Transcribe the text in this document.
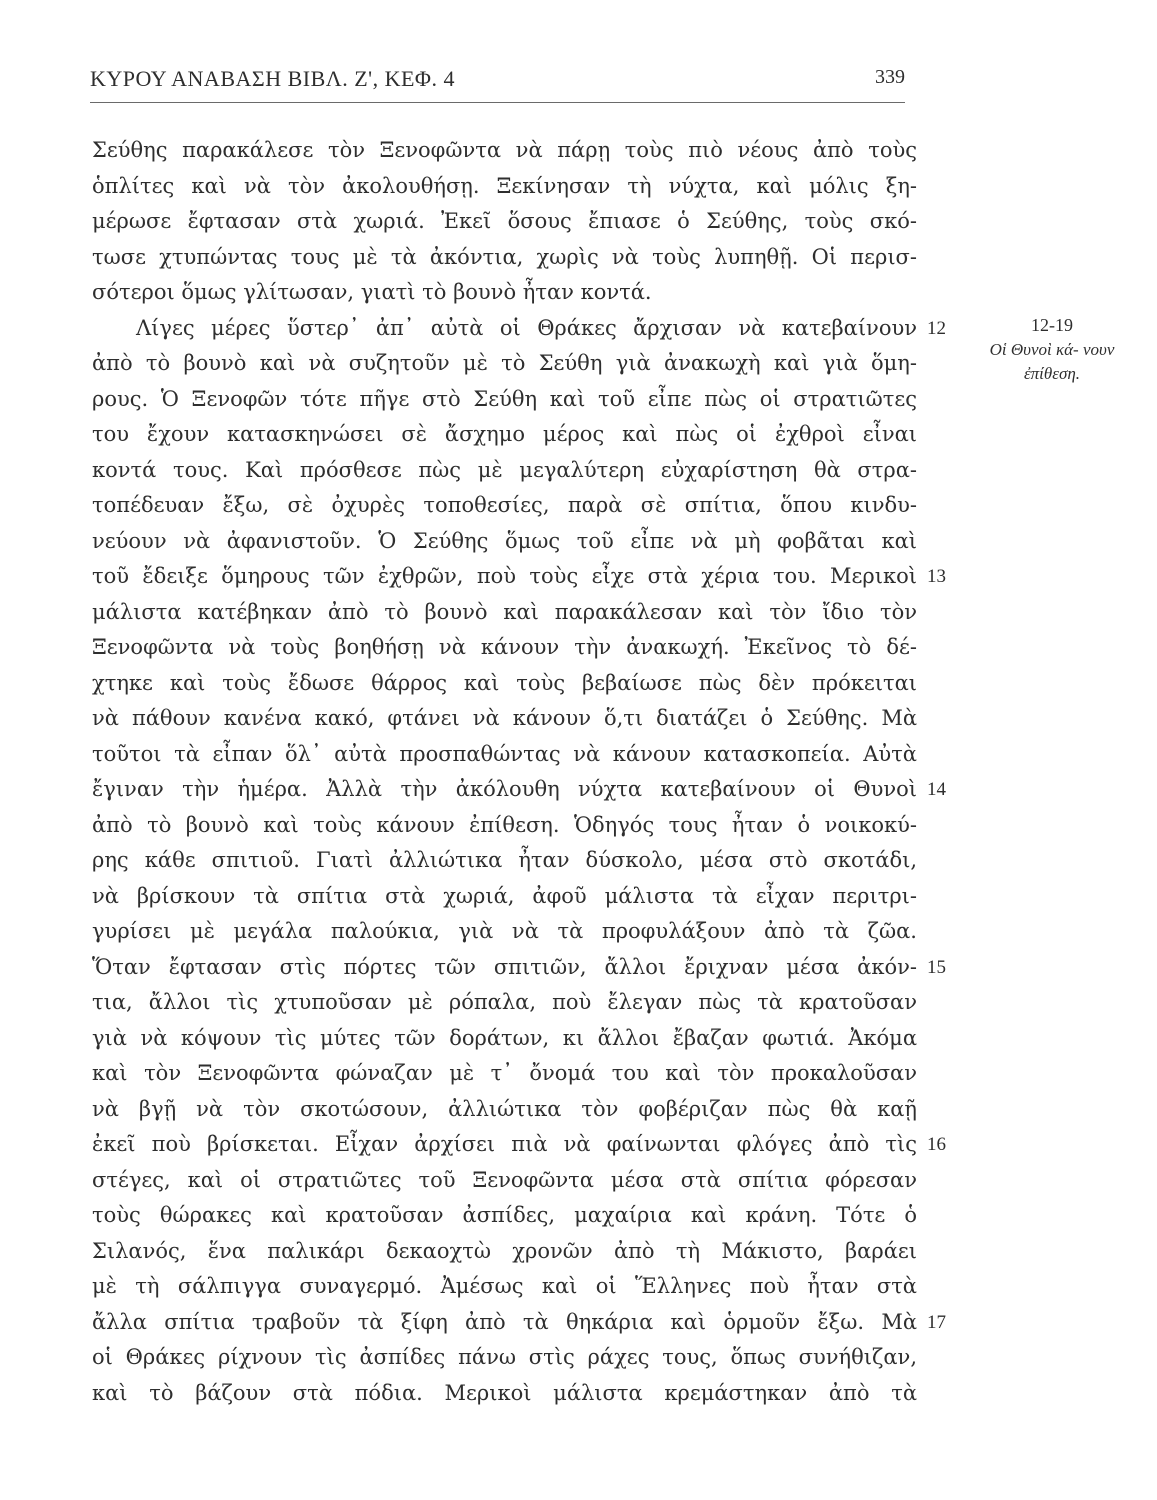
ΚΥΡΟΥ ΑΝΑΒΑΣΗ ΒΙΒΛ. Ζ', ΚΕΦ. 4	339
Σεύθης παρακάλεσε τὸν Ξενοφῶντα νὰ πάρῃ τοὺς πιὸ νέους ἀπὸ τοὺς
ὁπλίτες καὶ νὰ τὸν ἀκολουθήσῃ. Ξεκίνησαν τὴ νύχτα, καὶ μόλις ξη-
μέρωσε ἔφτασαν στὰ χωριά. Ἐκεῖ ὅσους ἔπιασε ὁ Σεύθης, τοὺς σκό-
τωσε χτυπώντας τους μὲ τὰ ἀκόντια, χωρὶς νὰ τοὺς λυπηθῇ. Οἱ περισ-
σότεροι ὅμως γλίτωσαν, γιατὶ τὸ βουνὸ ἦταν κοντά.
Λίγες μέρες ὕστερ᾽ ἀπ᾽ αὐτὰ οἱ Θράκες ἄρχισαν νὰ κατεβαίνουν 12
ἀπὸ τὸ βουνὸ καὶ νὰ συζητοῦν μὲ τὸ Σεύθη γιὰ ἀνακωχὴ καὶ γιὰ ὅμη-
ρους. Ὁ Ξενοφῶν τότε πῆγε στὸ Σεύθη καὶ τοῦ εἶπε πὼς οἱ στρατιῶτες
του ἔχουν κατασκηνώσει σὲ ἄσχημο μέρος καὶ πὼς οἱ ἐχθροὶ εἶναι
κοντά τους. Καὶ πρόσθεσε πὼς μὲ μεγαλύτερη εὐχαρίστηση θὰ στρα-
τοπέδευαν ἔξω, σὲ ὀχυρὲς τοποθεσίες, παρὰ σὲ σπίτια, ὅπου κινδυ-
νεύουν νὰ ἀφανιστοῦν. Ὁ Σεύθης ὅμως τοῦ εἶπε νὰ μὴ φοβᾶται καὶ
τοῦ ἔδειξε ὅμηρους τῶν ἐχθρῶν, ποὺ τοὺς εἶχε στὰ χέρια του. Μερικοὶ 13
μάλιστα κατέβηκαν ἀπὸ τὸ βουνὸ καὶ παρακάλεσαν καὶ τὸν ἴδιο τὸν
Ξενοφῶντα νὰ τοὺς βοηθήσῃ νὰ κάνουν τὴν ἀνακωχή. Ἐκεῖνος τὸ δέ-
χτηκε καὶ τοὺς ἔδωσε θάρρος καὶ τοὺς βεβαίωσε πὼς δὲν πρόκειται
νὰ πάθουν κανένα κακό, φτάνει νὰ κάνουν ὅ,τι διατάζει ὁ Σεύθης. Μὰ
τοῦτοι τὰ εἶπαν ὅλ᾽ αὐτὰ προσπαθώντας νὰ κάνουν κατασκοπεία. Αὐτὰ
ἔγιναν τὴν ἡμέρα. Ἀλλὰ τὴν ἀκόλουθη νύχτα κατεβαίνουν οἱ Θυνοὶ 14
ἀπὸ τὸ βουνὸ καὶ τοὺς κάνουν ἐπίθεση. Ὁδηγός τους ἦταν ὁ νοικοκύ-
ρης κάθε σπιτιοῦ. Γιατὶ ἀλλιώτικα ἦταν δύσκολο, μέσα στὸ σκοτάδι,
νὰ βρίσκουν τὰ σπίτια στὰ χωριά, ἀφοῦ μάλιστα τὰ εἶχαν περιτρι-
γυρίσει μὲ μεγάλα παλούκια, γιὰ νὰ τὰ προφυλάξουν ἀπὸ τὰ ζῶα.
Ὅταν ἔφτασαν στὶς πόρτες τῶν σπιτιῶν, ἄλλοι ἔριχναν μέσα ἀκόν- 15
τια, ἄλλοι τὶς χτυποῦσαν μὲ ρόπαλα, ποὺ ἔλεγαν πὼς τὰ κρατοῦσαν
γιὰ νὰ κόψουν τὶς μύτες τῶν δοράτων, κι ἄλλοι ἔβαζαν φωτιά. Ἀκόμα
καὶ τὸν Ξενοφῶντα φώναζαν μὲ τ᾽ ὄνομά του καὶ τὸν προκαλοῦσαν
νὰ βγῇ νὰ τὸν σκοτώσουν, ἀλλιώτικα τὸν φοβέριζαν πὼς θὰ καῇ
ἐκεῖ ποὺ βρίσκεται. Εἶχαν ἀρχίσει πιὰ νὰ φαίνωνται φλόγες ἀπὸ τὶς 16
στέγες, καὶ οἱ στρατιῶτες τοῦ Ξενοφῶντα μέσα στὰ σπίτια φόρεσαν
τοὺς θώρακες καὶ κρατοῦσαν ἀσπίδες, μαχαίρια καὶ κράνη. Τότε ὁ
Σιλανός, ἕνα παλικάρι δεκαοχτὼ χρονῶν ἀπὸ τὴ Μάκιστο, βαράει
μὲ τὴ σάλπιγγα συναγερμό. Ἀμέσως καὶ οἱ Ἕλληνες ποὺ ἦταν στὰ
ἄλλα σπίτια τραβοῦν τὰ ξίφη ἀπὸ τὰ θηκάρια καὶ ὁρμοῦν ἔξω. Μὰ 17
οἱ Θράκες ρίχνουν τὶς ἀσπίδες πάνω στὶς ράχες τους, ὅπως συνήθιζαν,
καὶ τὸ βάζουν στὰ πόδια. Μερικοὶ μάλιστα κρεμάστηκαν ἀπὸ τὰ
12-19
Οἱ Θυνοὶ κά- νουν ἐπίθεση.
